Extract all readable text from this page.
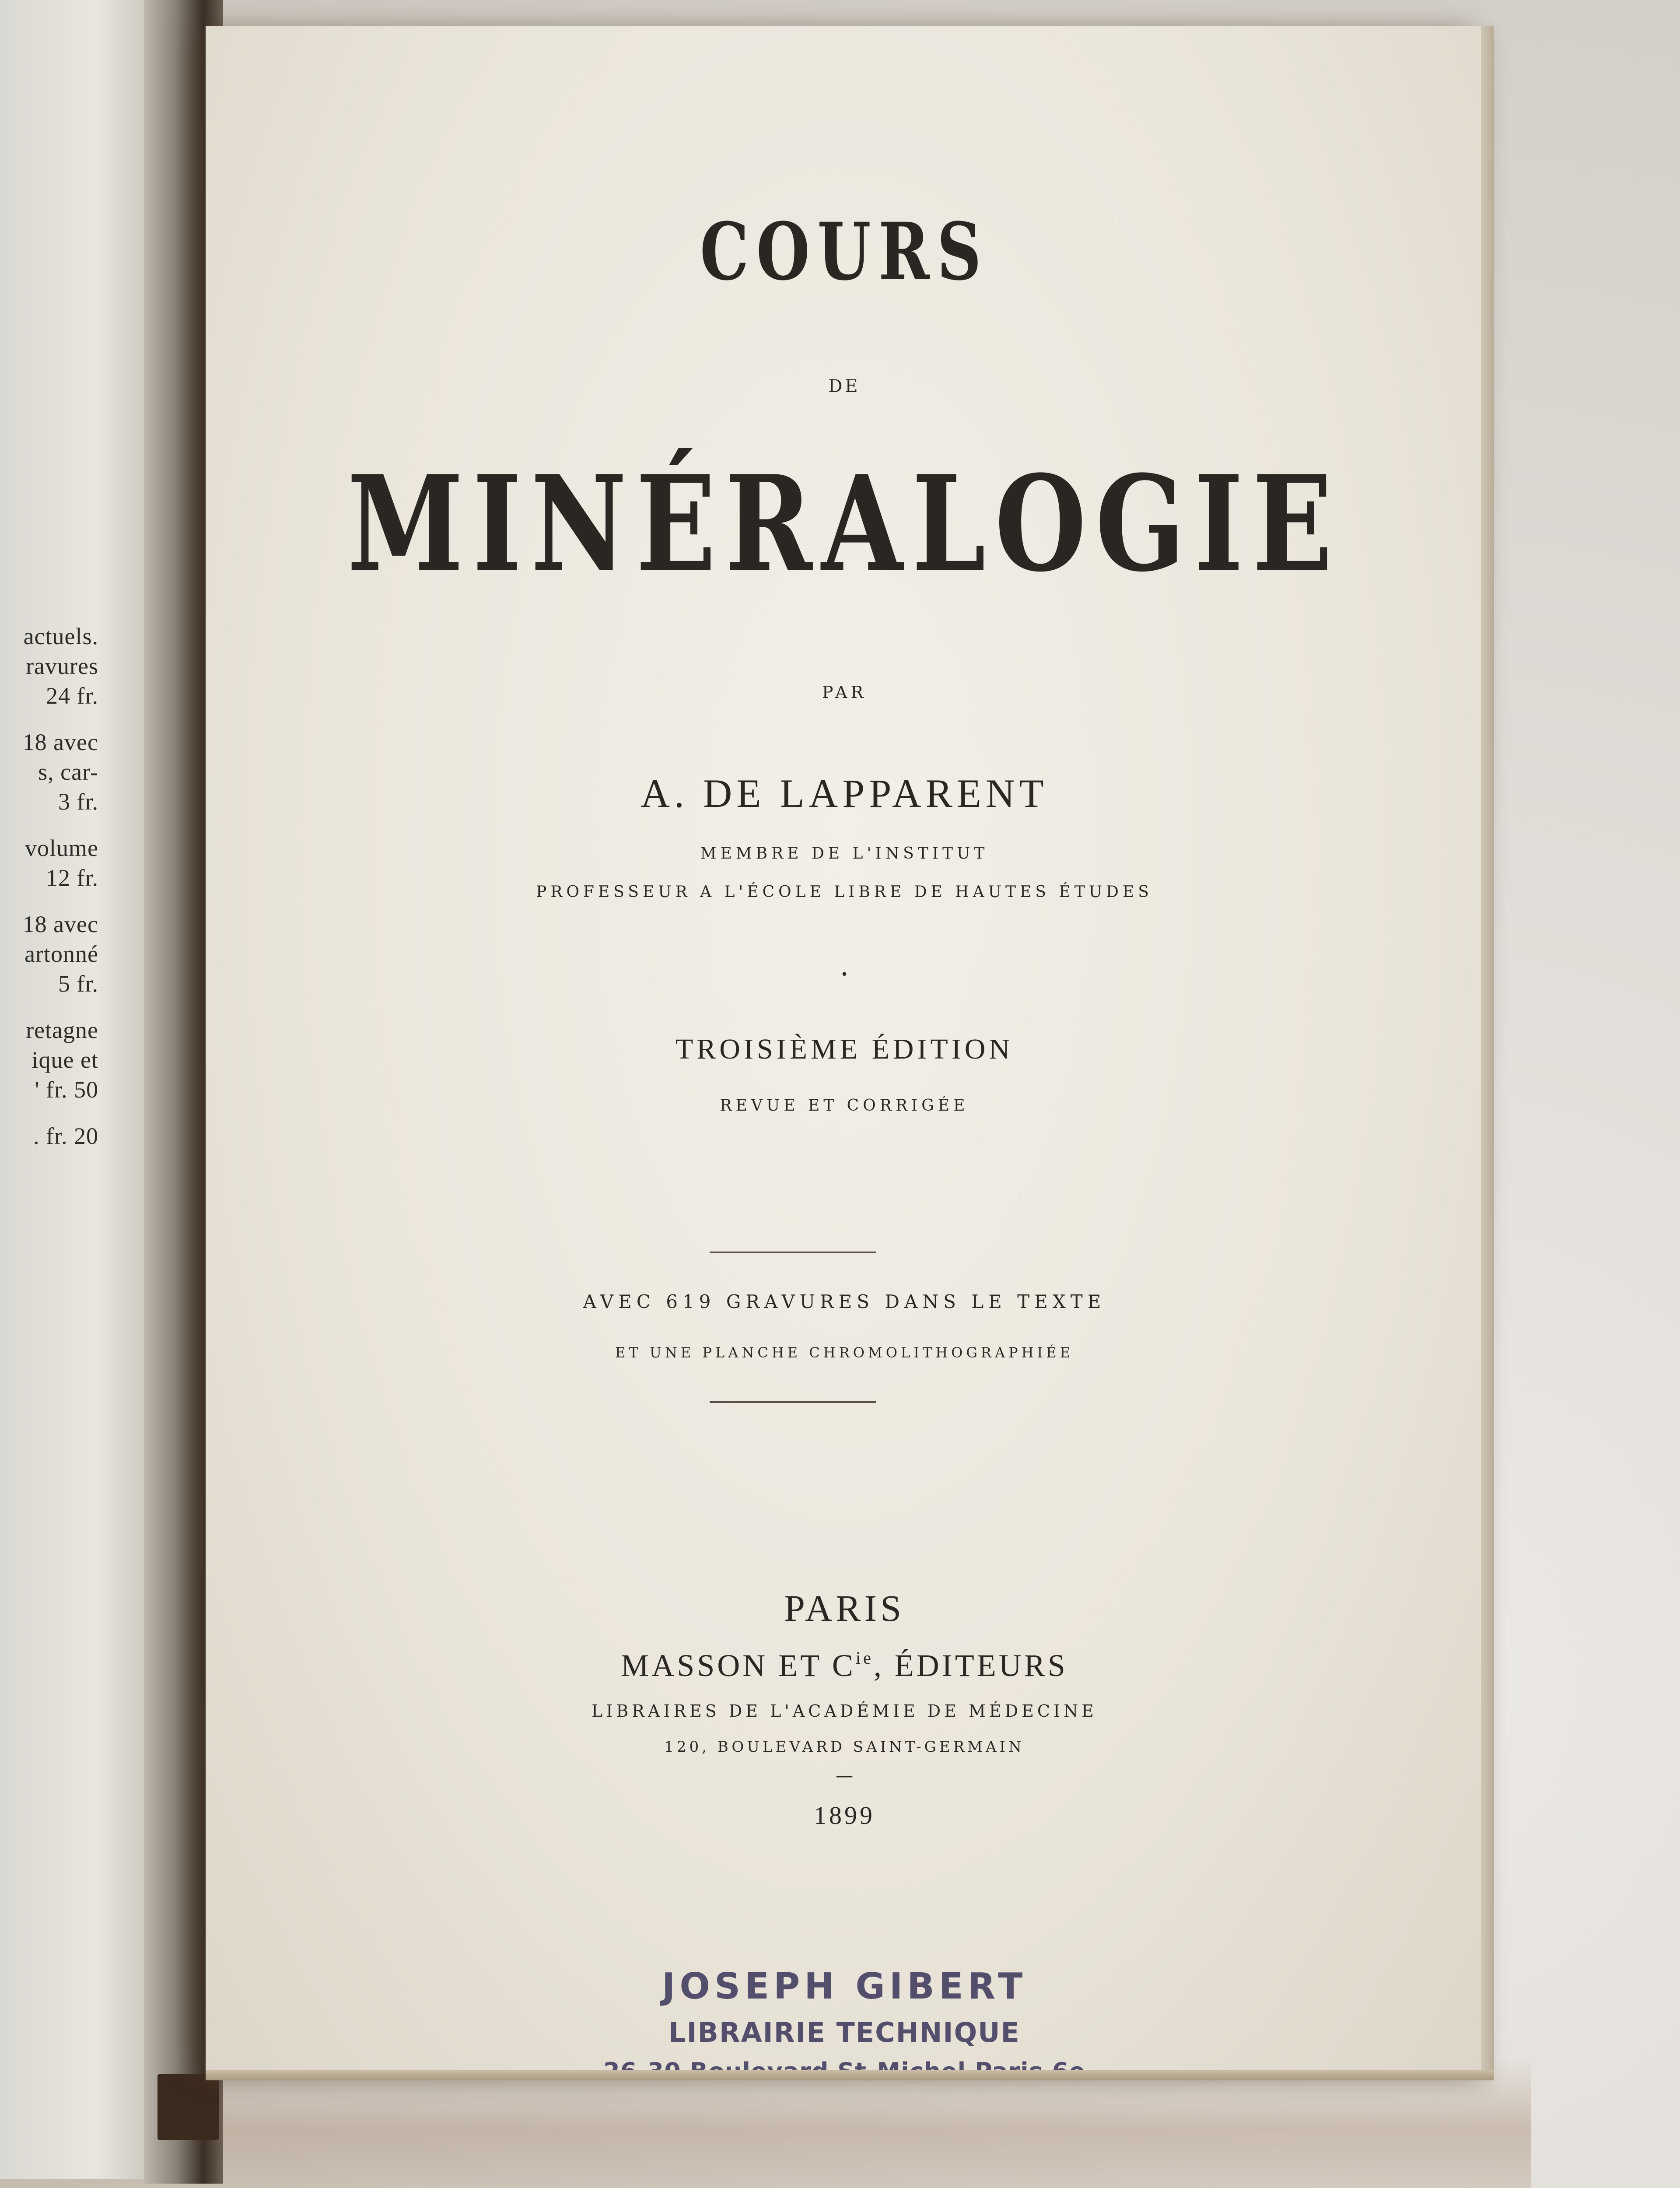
actuels.
ravures
24 fr.
18 avec
s, car-
3 fr.
volume
12 fr.
18 avec
artonné
5 fr.
retagne
ique et
' fr. 50
. fr. 20
COURS
DE
MINÉRALOGIE
PAR
A. DE LAPPARENT
MEMBRE DE L'INSTITUT
PROFESSEUR A L'ÉCOLE LIBRE DE HAUTES ÉTUDES
•
TROISIÈME ÉDITION
REVUE ET CORRIGÉE
AVEC 619 GRAVURES DANS LE TEXTE
ET UNE PLANCHE CHROMOLITHOGRAPHIÉE
PARIS
MASSON ET $C^{ie}$, ÉDITEURS
LIBRAIRES DE L'ACADÉMIE DE MÉDECINE
120, BOULEVARD SAINT-GERMAIN
—
1899
JOSEPH GIBERT
LIBRAIRIE TECHNIQUE
